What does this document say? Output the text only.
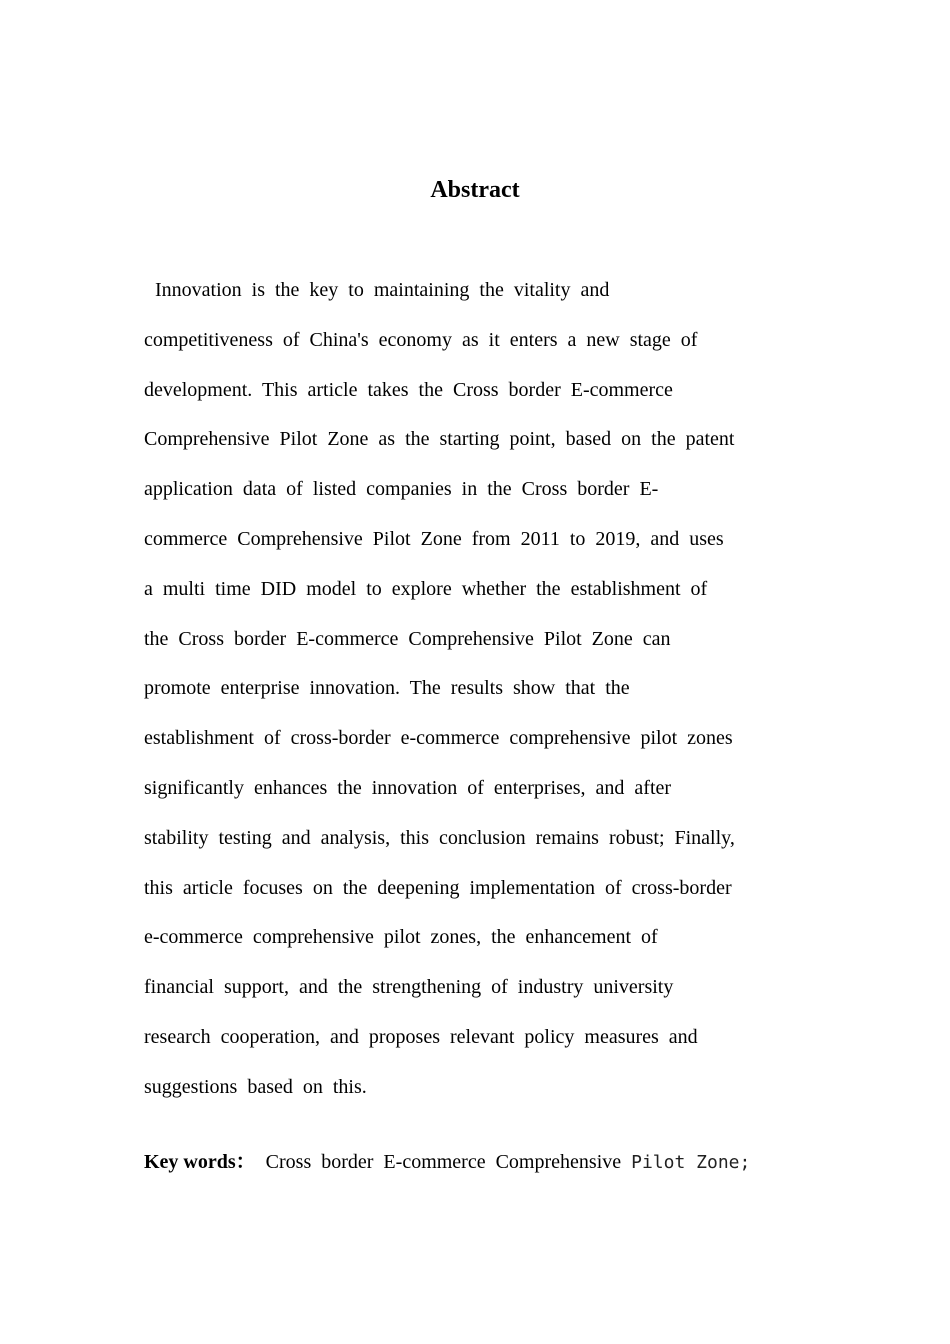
Abstract
Innovation is the key to maintaining the vitality and
competitiveness of China's economy as it enters a new stage of
development. This article takes the Cross border E-commerce
Comprehensive Pilot Zone as the starting point, based on the patent
application data of listed companies in the Cross border E-
commerce Comprehensive Pilot Zone from 2011 to 2019, and uses
a multi time DID model to explore whether the establishment of
the Cross border E-commerce Comprehensive Pilot Zone can
promote enterprise innovation. The results show that the
establishment of cross-border e-commerce comprehensive pilot zones
significantly enhances the innovation of enterprises, and after
stability testing and analysis, this conclusion remains robust; Finally,
this article focuses on the deepening implementation of cross-border
e-commerce comprehensive pilot zones, the enhancement of
financial support, and the strengthening of industry university
research cooperation, and proposes relevant policy measures and
suggestions based on this.
Key words： Cross border E-commerce Comprehensive Pilot Zone;
